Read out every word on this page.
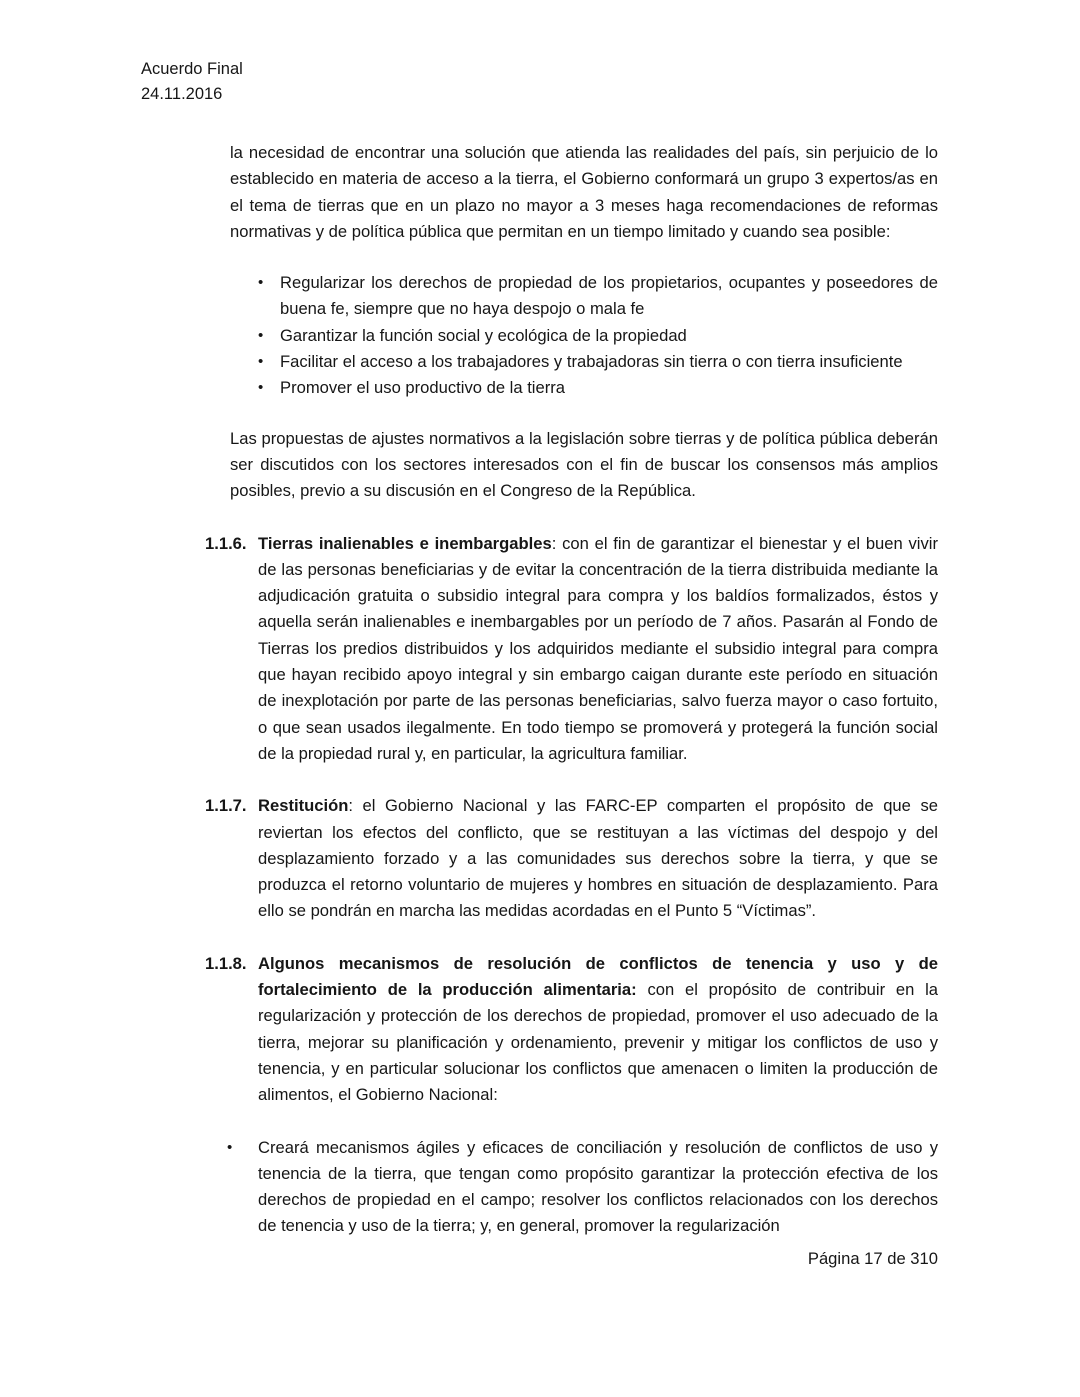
Acuerdo Final
24.11.2016

la necesidad de encontrar una solución que atienda las realidades del país, sin perjuicio de lo establecido en materia de acceso a la tierra, el Gobierno conformará un grupo 3 expertos/as en el tema de tierras que en un plazo no mayor a 3 meses haga recomendaciones de reformas normativas y de política pública que permitan en un tiempo limitado y cuando sea posible:

• Regularizar los derechos de propiedad de los propietarios, ocupantes y poseedores de buena fe, siempre que no haya despojo o mala fe
• Garantizar la función social y ecológica de la propiedad
• Facilitar el acceso a los trabajadores y trabajadoras sin tierra o con tierra insuficiente
• Promover el uso productivo de la tierra

Las propuestas de ajustes normativos a la legislación sobre tierras y de política pública deberán ser discutidos con los sectores interesados con el fin de buscar los consensos más amplios posibles, previo a su discusión en el Congreso de la República.

1.1.6. Tierras inalienables e inembargables: con el fin de garantizar el bienestar y el buen vivir de las personas beneficiarias y de evitar la concentración de la tierra distribuida mediante la adjudicación gratuita o subsidio integral para compra y los baldíos formalizados, éstos y aquella serán inalienables e inembargables por un período de 7 años. Pasarán al Fondo de Tierras los predios distribuidos y los adquiridos mediante el subsidio integral para compra que hayan recibido apoyo integral y sin embargo caigan durante este período en situación de inexplotación por parte de las personas beneficiarias, salvo fuerza mayor o caso fortuito, o que sean usados ilegalmente. En todo tiempo se promoverá y protegerá la función social de la propiedad rural y, en particular, la agricultura familiar.
1.1.7. Restitución: el Gobierno Nacional y las FARC-EP comparten el propósito de que se reviertan los efectos del conflicto, que se restituyan a las víctimas del despojo y del desplazamiento forzado y a las comunidades sus derechos sobre la tierra, y que se produzca el retorno voluntario de mujeres y hombres en situación de desplazamiento. Para ello se pondrán en marcha las medidas acordadas en el Punto 5 “Víctimas”.
1.1.8. Algunos mecanismos de resolución de conflictos de tenencia y uso y de fortalecimiento de la producción alimentaria: con el propósito de contribuir en la regularización y protección de los derechos de propiedad, promover el uso adecuado de la tierra, mejorar su planificación y ordenamiento, prevenir y mitigar los conflictos de uso y tenencia, y en particular solucionar los conflictos que amenacen o limiten la producción de alimentos, el Gobierno Nacional:
• Creará mecanismos ágiles y eficaces de conciliación y resolución de conflictos de uso y tenencia de la tierra, que tengan como propósito garantizar la protección efectiva de los derechos de propiedad en el campo; resolver los conflictos relacionados con los derechos de tenencia y uso de la tierra; y, en general, promover la regularización
Página 17 de 310
